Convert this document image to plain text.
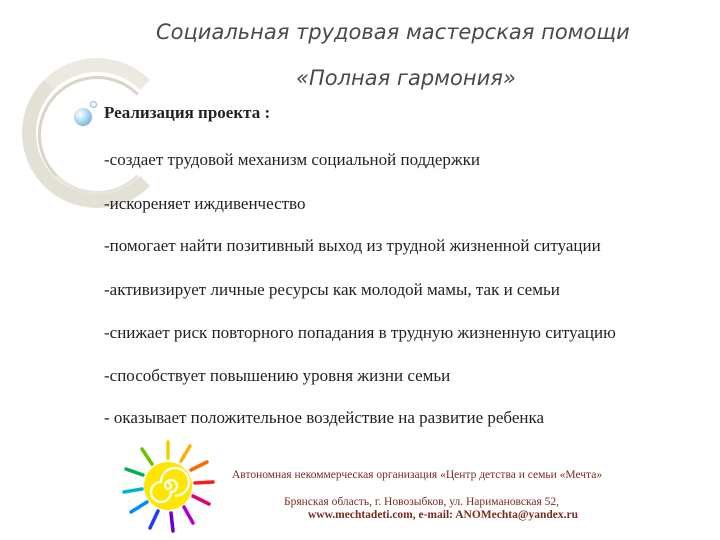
Социальная трудовая мастерская помощи
«Полная гармония»
Реализация проекта :
-создает трудовой механизм социальной поддержки
-искореняет иждивенчество
-помогает найти позитивный выход из трудной жизненной ситуации
-активизирует личные ресурсы как молодой мамы, так и семьи
-снижает риск повторного попадания в трудную жизненную ситуацию
-способствует повышению уровня жизни семьи
- оказывает положительное воздействие на развитие ребенка
Автономная некоммерческая организация «Центр детства и семьи «Мечта»
Брянская область, г. Новозыбков, ул. Наримановская 52,
www.mechtadeti.com, e-mail: ANOMechta@yandex.ru
